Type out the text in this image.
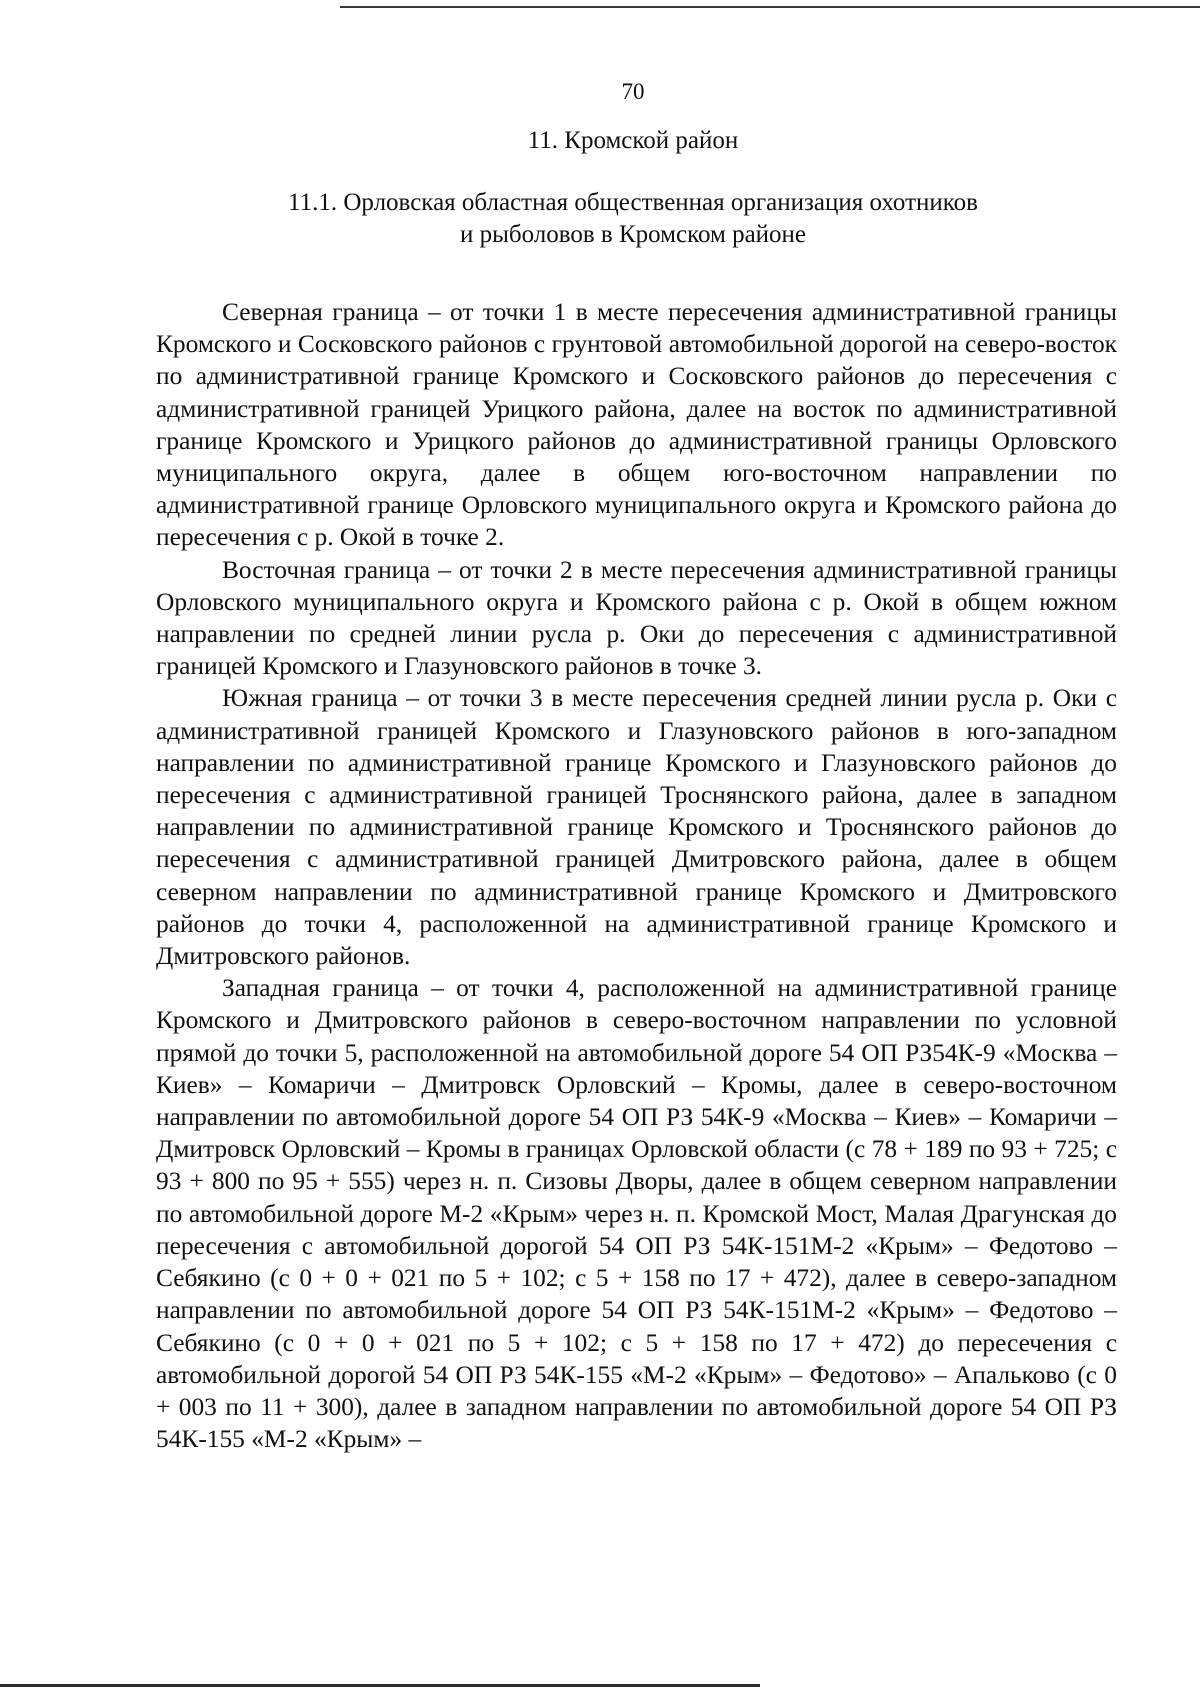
70
11. Кромской район
11.1. Орловская областная общественная организация охотников
и рыболовов в Кромском районе

Северная граница – от точки 1 в месте пересечения административной границы Кромского и Сосковского районов с грунтовой автомобильной дорогой на северо-восток по административной границе Кромского и Сосковского районов до пересечения с административной границей Урицкого района, далее на восток по административной границе Кромского и Урицкого районов до административной границы Орловского муниципального округа, далее в общем юго-восточном направлении по административной границе Орловского муниципального округа и Кромского района до пересечения с р. Окой в точке 2.

Восточная граница – от точки 2 в месте пересечения административной границы Орловского муниципального округа и Кромского района с р. Окой в общем южном направлении по средней линии русла р. Оки до пересечения с административной границей Кромского и Глазуновского районов в точке 3.

Южная граница – от точки 3 в месте пересечения средней линии русла р. Оки с административной границей Кромского и Глазуновского районов в юго-западном направлении по административной границе Кромского и Глазуновского районов до пересечения с административной границей Троснянского района, далее в западном направлении по административной границе Кромского и Троснянского районов до пересечения с административной границей Дмитровского района, далее в общем северном направлении по административной границе Кромского и Дмитровского районов до точки 4, расположенной на административной границе Кромского и Дмитровского районов.

Западная граница – от точки 4, расположенной на административной границе Кромского и Дмитровского районов в северо-восточном направлении по условной прямой до точки 5, расположенной на автомобильной дороге 54 ОП РЗ54К-9 «Москва – Киев» – Комаричи – Дмитровск Орловский – Кромы, далее в северо-восточном направлении по автомобильной дороге 54 ОП РЗ 54К-9 «Москва – Киев» – Комаричи – Дмитровск Орловский – Кромы в границах Орловской области (с 78 + 189 по 93 + 725; с 93 + 800 по 95 + 555) через н. п. Сизовы Дворы, далее в общем северном направлении по автомобильной дороге М-2 «Крым» через н. п. Кромской Мост, Малая Драгунская до пересечения с автомобильной дорогой 54 ОП РЗ 54К-151М-2 «Крым» – Федотово – Себякино (с 0 + 0 + 021 по 5 + 102; с 5 + 158 по 17 + 472), далее в северо-западном направлении по автомобильной дороге 54 ОП РЗ 54К-151М-2 «Крым» – Федотово – Себякино (с 0 + 0 + 021 по 5 + 102; с 5 + 158 по 17 + 472) до пересечения с автомобильной дорогой 54 ОП РЗ 54К-155 «М-2 «Крым» – Федотово» – Апальково (с 0 + 003 по 11 + 300), далее в западном направлении по автомобильной дороге 54 ОП РЗ 54К-155 «М-2 «Крым» –
